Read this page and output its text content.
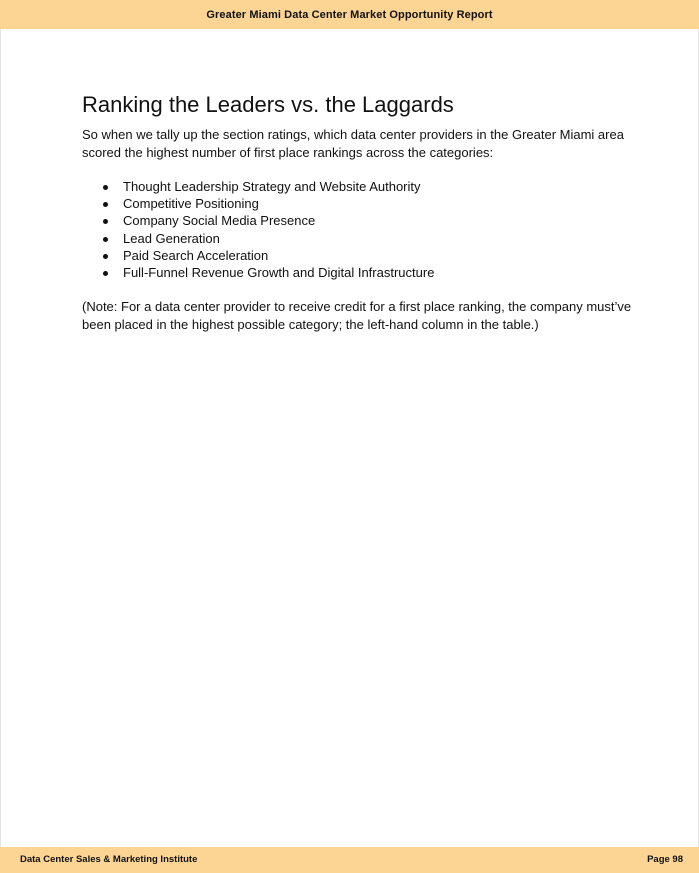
Greater Miami Data Center Market Opportunity Report
Ranking the Leaders vs. the Laggards

So when we tally up the section ratings, which data center providers in the Greater Miami area scored the highest number of first place rankings across the categories:

Thought Leadership Strategy and Website Authority
Competitive Positioning
Company Social Media Presence
Lead Generation
Paid Search Acceleration
Full-Funnel Revenue Growth and Digital Infrastructure

(Note: For a data center provider to receive credit for a first place ranking, the company must’ve been placed in the highest possible category; the left-hand column in the table.)

Data Center Sales & Marketing Institute	Page 98
